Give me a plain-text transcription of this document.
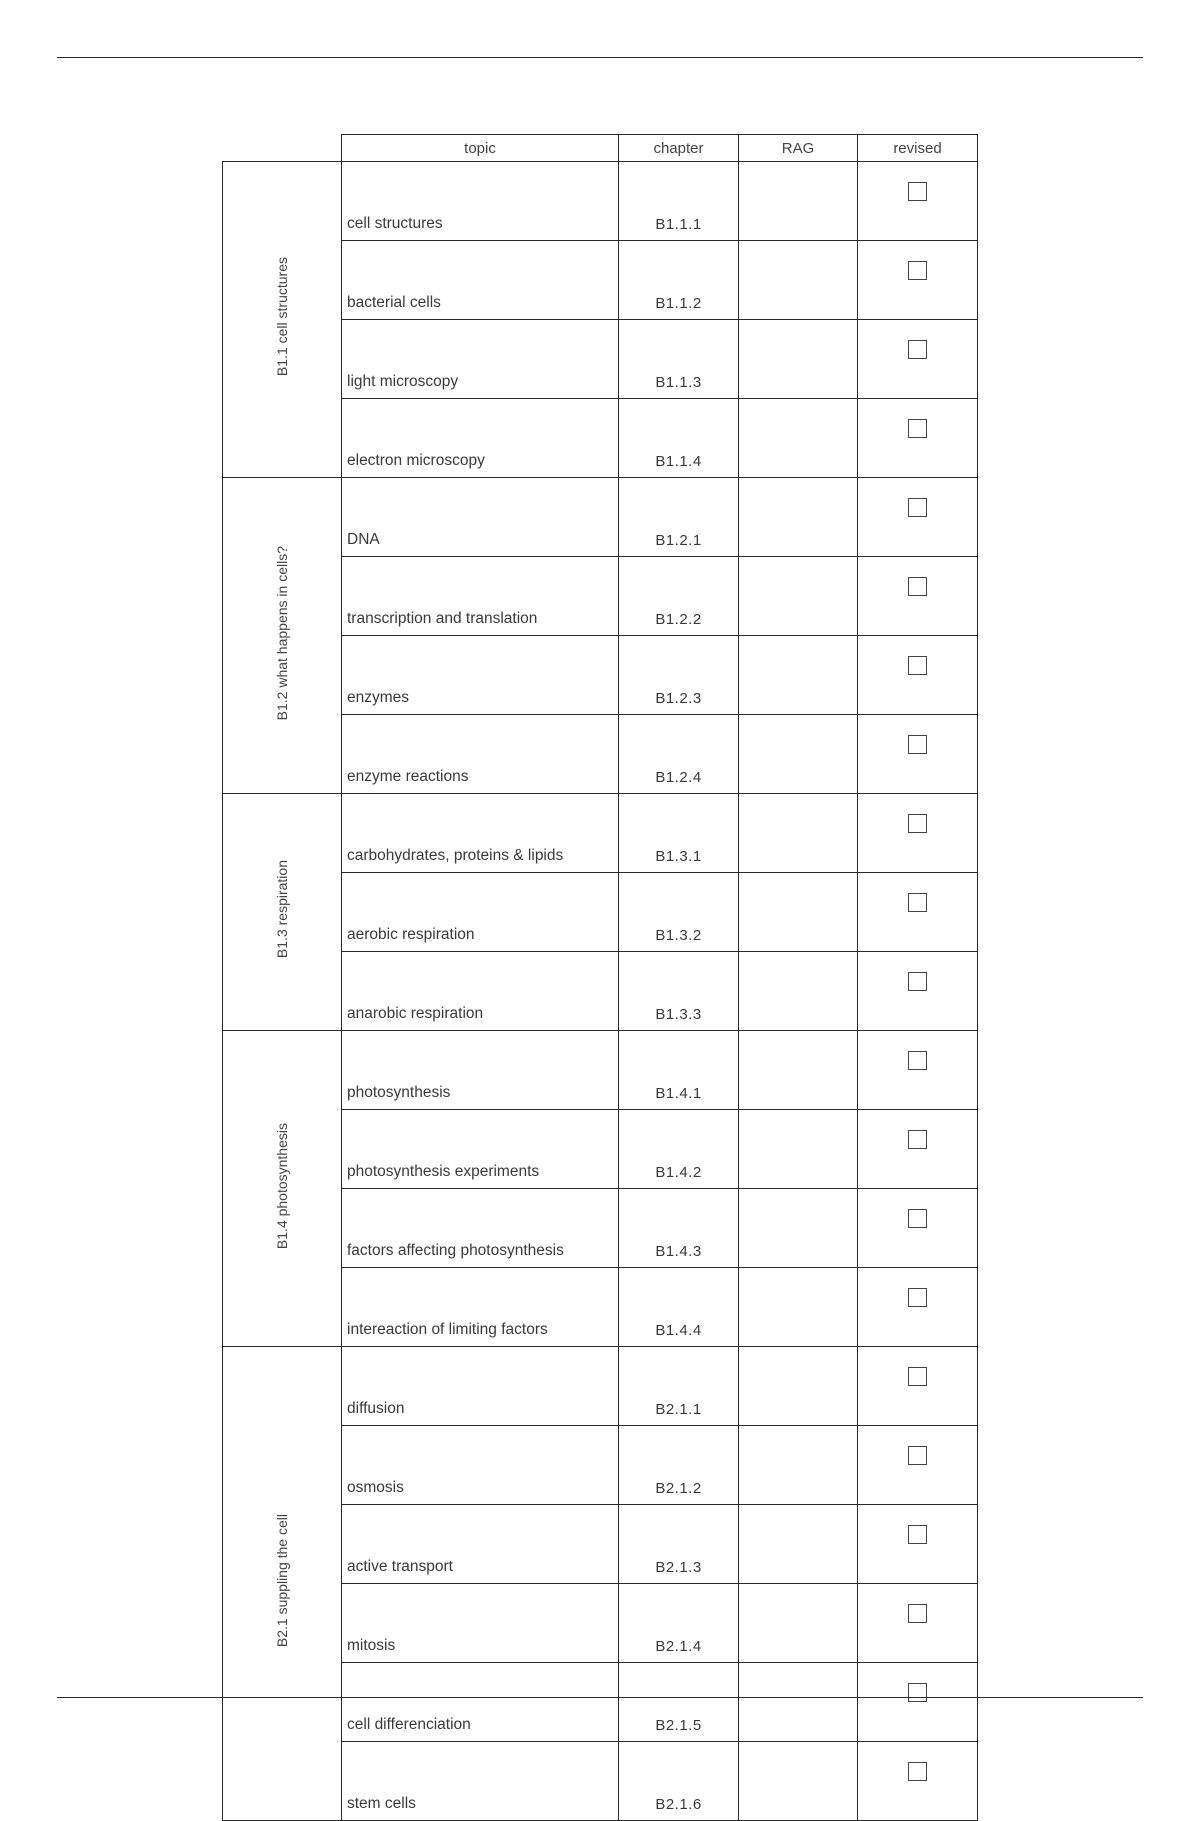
	topic	chapter	RAG	revised
B1.1 cell structures	cell structures	B1.1.1		
	bacterial cells	B1.1.2		
	light microscopy	B1.1.3		
	electron microscopy	B1.1.4		
B1.2 what happens in cells?	DNA	B1.2.1		
	transcription and translation	B1.2.2		
	enzymes	B1.2.3		
	enzyme reactions	B1.2.4		
B1.3 respiration	carbohydrates, proteins & lipids	B1.3.1		
	aerobic respiration	B1.3.2		
	anarobic respiration	B1.3.3		
B1.4 photosynthesis	photosynthesis	B1.4.1		
	photosynthesis experiments	B1.4.2		
	factors affecting photosynthesis	B1.4.3		
	intereaction of limiting factors	B1.4.4		
B2.1 suppling the cell	diffusion	B2.1.1		
	osmosis	B2.1.2		
	active transport	B2.1.3		
	mitosis	B2.1.4		
	cell differenciation	B2.1.5		
	stem cells	B2.1.6		
